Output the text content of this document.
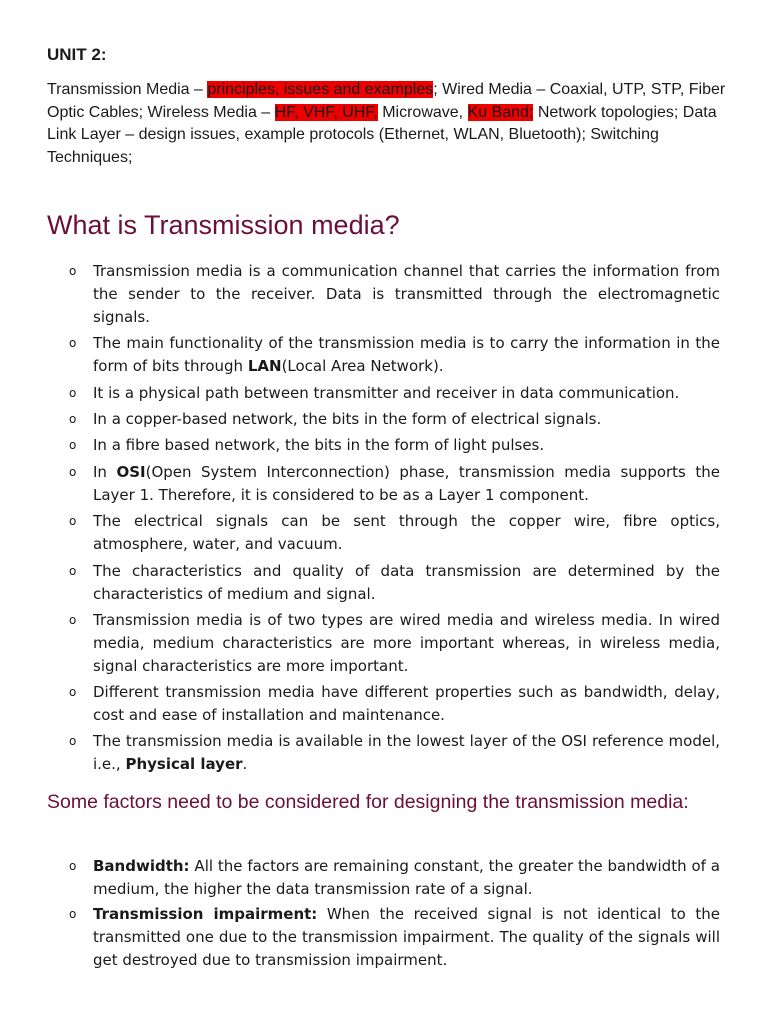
UNIT 2:
Transmission Media – principles, issues and examples; Wired Media – Coaxial, UTP, STP, Fiber Optic Cables; Wireless Media – HF, VHF, UHF, Microwave, Ku Band; Network topologies; Data Link Layer – design issues, example protocols (Ethernet, WLAN, Bluetooth); Switching Techniques;
What is Transmission media?
o Transmission media is a communication channel that carries the information from the sender to the receiver. Data is transmitted through the electromagnetic signals.
o The main functionality of the transmission media is to carry the information in the form of bits through LAN(Local Area Network).
o It is a physical path between transmitter and receiver in data communication.
o In a copper-based network, the bits in the form of electrical signals.
o In a fibre based network, the bits in the form of light pulses.
o In OSI(Open System Interconnection) phase, transmission media supports the Layer 1. Therefore, it is considered to be as a Layer 1 component.
o The electrical signals can be sent through the copper wire, fibre optics, atmosphere, water, and vacuum.
o The characteristics and quality of data transmission are determined by the characteristics of medium and signal.
o Transmission media is of two types are wired media and wireless media. In wired media, medium characteristics are more important whereas, in wireless media, signal characteristics are more important.
o Different transmission media have different properties such as bandwidth, delay, cost and ease of installation and maintenance.
o The transmission media is available in the lowest layer of the OSI reference model, i.e., Physical layer.
Some factors need to be considered for designing the transmission media:
o Bandwidth: All the factors are remaining constant, the greater the bandwidth of a medium, the higher the data transmission rate of a signal.
o Transmission impairment: When the received signal is not identical to the transmitted one due to the transmission impairment. The quality of the signals will get destroyed due to transmission impairment.
